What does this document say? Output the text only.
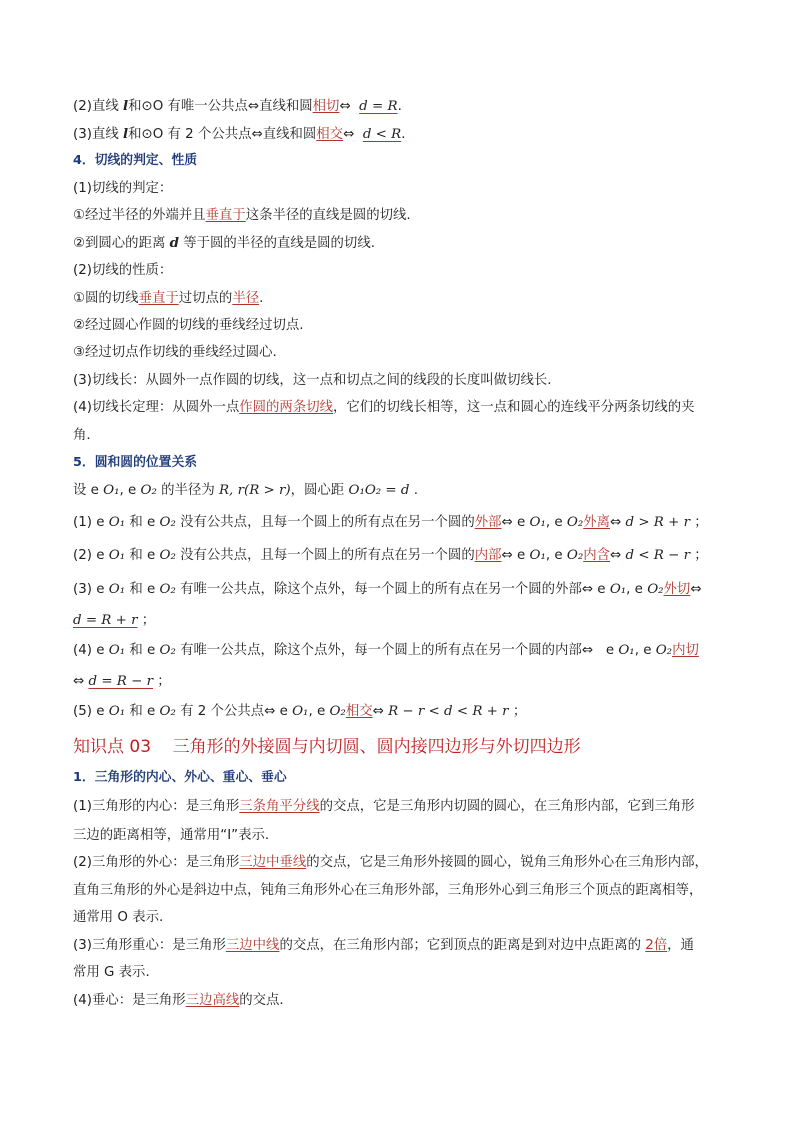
(2)直线 l和⊙O 有唯一公共点⇔直线和圆相切⇔  d = R.
(3)直线 l和⊙O 有 2 个公共点⇔直线和圆相交⇔  d < R.
4．切线的判定、性质
(1)切线的判定：
①经过半径的外端并且垂直于这条半径的直线是圆的切线.
②到圆心的距离 d 等于圆的半径的直线是圆的切线.
(2)切线的性质：
①圆的切线垂直于过切点的半径.
②经过圆心作圆的切线的垂线经过切点.
③经过切点作切线的垂线经过圆心.
(3)切线长：从圆外一点作圆的切线，这一点和切点之间的线段的长度叫做切线长.
(4)切线长定理：从圆外一点作圆的两条切线，它们的切线长相等，这一点和圆心的连线平分两条切线的夹
角.
5．圆和圆的位置关系
设 e O₁, e O₂ 的半径为 R, r(R > r)，圆心距 O₁O₂ = d .
(1) e O₁ 和 e O₂ 没有公共点，且每一个圆上的所有点在另一个圆的外部⇔ e O₁, e O₂外离⇔ d > R + r ；
(2) e O₁ 和 e O₂ 没有公共点，且每一个圆上的所有点在另一个圆的内部⇔ e O₁, e O₂内含⇔ d < R − r ；
(3) e O₁ 和 e O₂ 有唯一公共点，除这个点外，每一个圆上的所有点在另一个圆的外部⇔ e O₁, e O₂外切⇔
d = R + r ；
(4) e O₁ 和 e O₂ 有唯一公共点，除这个点外，每一个圆上的所有点在另一个圆的内部⇔   e O₁, e O₂内切
⇔ d = R − r ；
(5) e O₁ 和 e O₂ 有 2 个公共点⇔ e O₁, e O₂相交⇔ R − r < d < R + r ；
知识点 03    三角形的外接圆与内切圆、圆内接四边形与外切四边形
1．三角形的内心、外心、重心、垂心
(1)三角形的内心：是三角形三条角平分线的交点，它是三角形内切圆的圆心，在三角形内部，它到三角形
三边的距离相等，通常用“I”表示.
(2)三角形的外心：是三角形三边中垂线的交点，它是三角形外接圆的圆心，锐角三角形外心在三角形内部，
直角三角形的外心是斜边中点，钝角三角形外心在三角形外部，三角形外心到三角形三个顶点的距离相等，
通常用 O 表示.
(3)三角形重心：是三角形三边中线的交点，在三角形内部；它到顶点的距离是到对边中点距离的 2倍，通
常用 G 表示.
(4)垂心：是三角形三边高线的交点.
